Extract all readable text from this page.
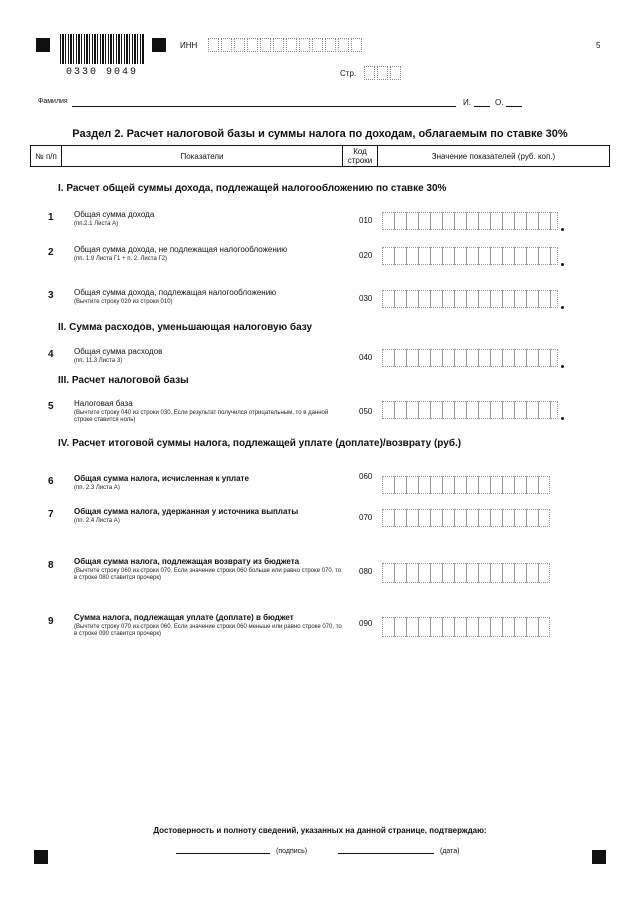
0330 9049
ИНН	5
Стр.
Фамилия	И.	О.
Раздел 2. Расчет налоговой базы и суммы налога по доходам, облагаемым по ставке 30%
№ п/п	Показатели	Код строки	Значение показателей (руб. коп.)
I. Расчет общей суммы дохода, подлежащей налогообложению по ставке 30%
1	Общая сумма дохода
(пп.2.1 Листа А)	010
2	Общая сумма дохода, не подлежащая налогообложению
(пп. 1.9 Листа Г1 + п. 2. Листа Г2)	020
3	Общая сумма дохода, подлежащая налогообложению
(Вычтите строку 020 из строки 010)	030
II. Сумма расходов, уменьшающая налоговую базу
4	Общая сумма расходов
(пп. 11.3 Листа З)	040
III. Расчет налоговой базы
5	Налоговая база
(Вычтите строку 040 из строки 030. Если результат получился отрицательным, то в данной строке ставится ноль)
050
IV. Расчет итоговой суммы налога, подлежащей уплате (доплате)/возврату (руб.)
6	Общая сумма налога, исчисленная к уплате
(пп. 2.3 Листа А)
060
7	Общая сумма налога, удержанная у источника выплаты
(пп. 2.4 Листа А)	070
8	Общая сумма налога, подлежащая возврату из бюджета
(Вычтите строку 060 из строки 070. Если значение строки 060 больше или равно строке 070, то в строке 080 ставится прочерк)
080
9	Сумма налога, подлежащая уплате (доплате) в бюджет
(Вычтите строку 070 из строки 060. Если значение строки 060 меньше или равно строке 070, то в строке 090 ставится прочерк)
090
Достоверность и полноту сведений, указанных на данной странице, подтверждаю:
(подпись)	(дата)
